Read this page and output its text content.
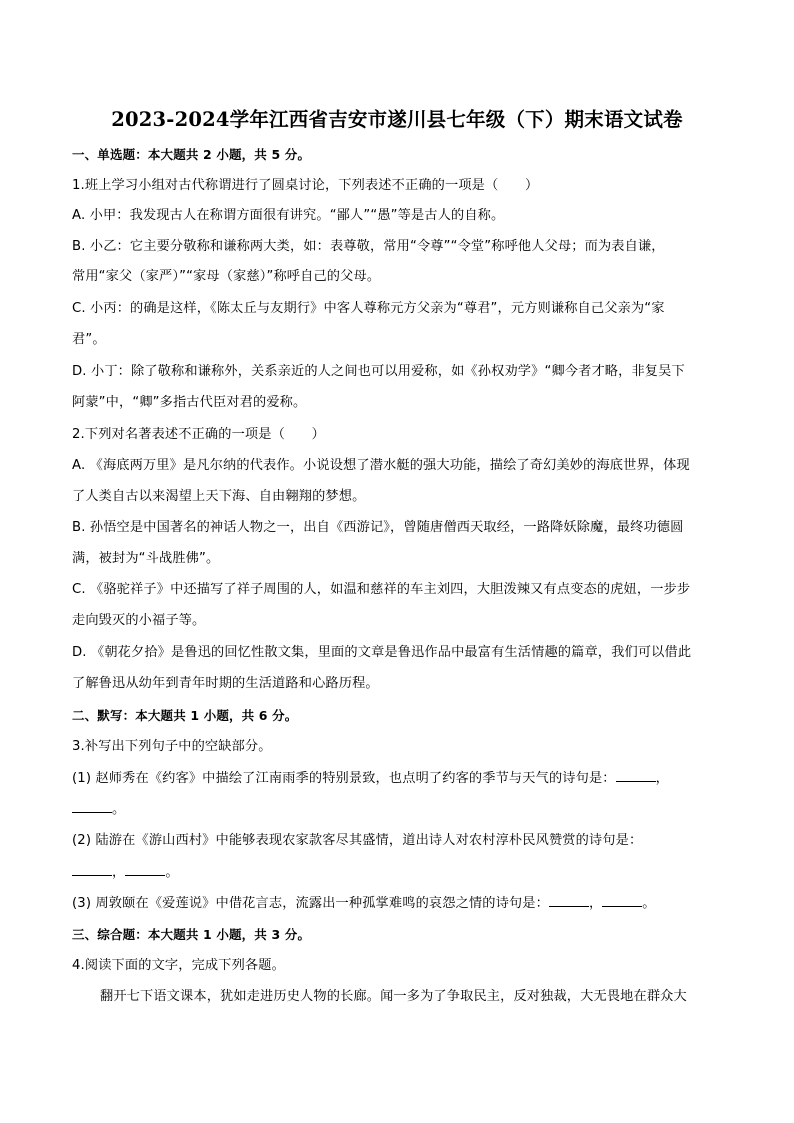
2023-2024学年江西省吉安市遂川县七年级（下）期末语文试卷
一、单选题：本大题共 2 小题，共 5 分。
1.班上学习小组对古代称谓进行了圆桌讨论，下列表述不正确的一项是（　　）
A. 小甲：我发现古人在称谓方面很有讲究。“鄙人”“愚”等是古人的自称。
B. 小乙：它主要分敬称和谦称两大类，如：表尊敬，常用“令尊”“令堂”称呼他人父母；而为表自谦，
常用“家父（家严）”“家母（家慈）”称呼自己的父母。
C. 小丙：的确是这样，《陈太丘与友期行》中客人尊称元方父亲为“尊君”，元方则谦称自己父亲为“家
君”。
D. 小丁：除了敬称和谦称外，关系亲近的人之间也可以用爱称，如《孙权劝学》“卿今者才略，非复吴下
阿蒙”中，“卿”多指古代臣对君的爱称。
2.下列对名著表述不正确的一项是（　　）
A. 《海底两万里》是凡尔纳的代表作。小说设想了潜水艇的强大功能，描绘了奇幻美妙的海底世界，体现
了人类自古以来渴望上天下海、自由翱翔的梦想。
B. 孙悟空是中国著名的神话人物之一，出自《西游记》，曾随唐僧西天取经，一路降妖除魔，最终功德圆
满，被封为“斗战胜佛”。
C. 《骆驼祥子》中还描写了祥子周围的人，如温和慈祥的车主刘四，大胆泼辣又有点变态的虎妞，一步步
走向毁灭的小福子等。
D. 《朝花夕拾》是鲁迅的回忆性散文集，里面的文章是鲁迅作品中最富有生活情趣的篇章，我们可以借此
了解鲁迅从幼年到青年时期的生活道路和心路历程。
二、默写：本大题共 1 小题，共 6 分。
3.补写出下列句子中的空缺部分。
(1) 赵师秀在《约客》中描绘了江南雨季的特别景致，也点明了约客的季节与天气的诗句是：	，
。
(2) 陆游在《游山西村》中能够表现农家款客尽其盛情，道出诗人对农村淳朴民风赞赏的诗句是：
，	。
(3) 周敦颐在《爱莲说》中借花言志，流露出一种孤掌难鸣的哀怨之情的诗句是：	，	。
三、综合题：本大题共 1 小题，共 3 分。
4.阅读下面的文字，完成下列各题。
翻开七下语文课本，犹如走进历史人物的长廊。闻一多为了争取民主，反对独裁，大无畏地在群众大
